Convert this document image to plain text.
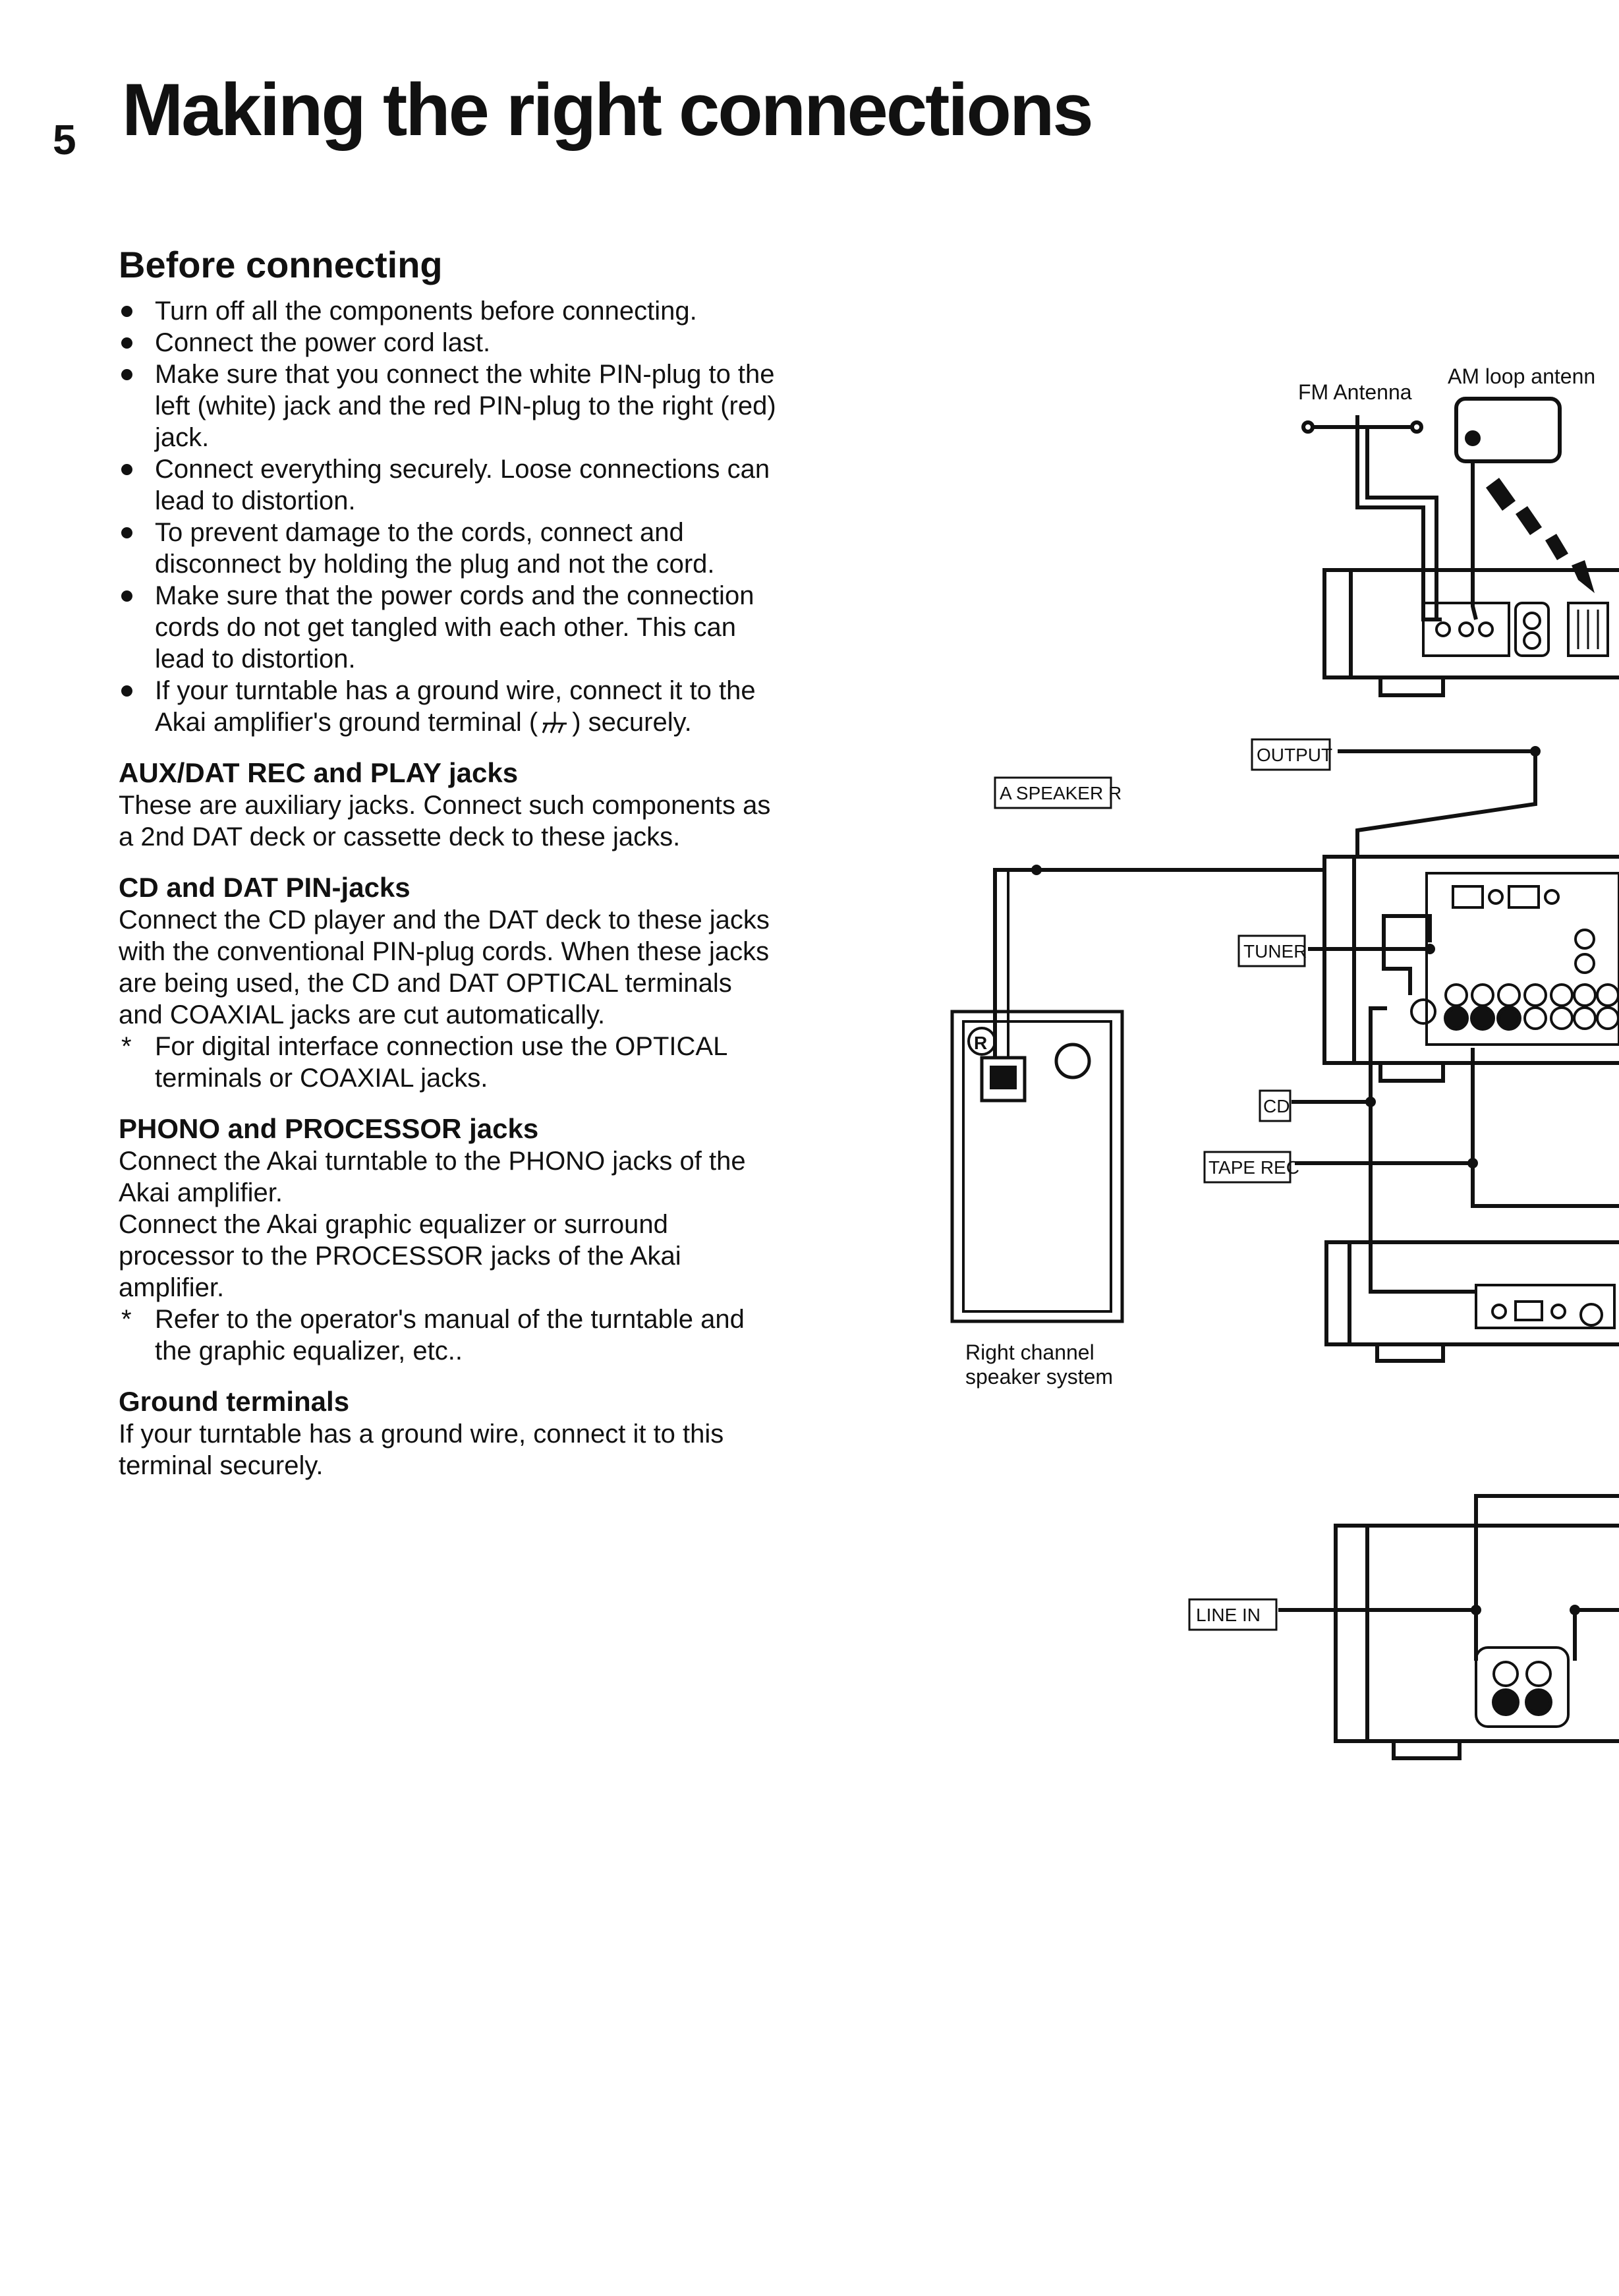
5 Making the right connections
Before connecting
Turn off all the components before connecting.
Connect the power cord last.
Make sure that you connect the white PIN-plug to the left (white) jack and the red PIN-plug to the right (red) jack.
Connect everything securely. Loose connections can lead to distortion.
To prevent damage to the cords, connect and disconnect by holding the plug and not the cord.
Make sure that the power cords and the connection cords do not get tangled with each other. This can lead to distortion.
If your turntable has a ground wire, connect it to the Akai amplifier's ground terminal ( ) securely.
AUX/DAT REC and PLAY jacks

These are auxiliary jacks. Connect such components as a 2nd DAT deck or cassette deck to these jacks.

CD and DAT PIN-jacks

Connect the CD player and the DAT deck to these jacks with the conventional PIN-plug cords. When these jacks are being used, the CD and DAT OPTICAL terminals and COAXIAL jacks are cut automatically.

* For digital interface connection use the OPTICAL terminals or COAXIAL jacks.
PHONO and PROCESSOR jacks

Connect the Akai turntable to the PHONO jacks of the Akai amplifier.

Connect the Akai graphic equalizer or surround processor to the PROCESSOR jacks of the Akai amplifier.

* Refer to the operator's manual of the turntable and the graphic equalizer, etc..
Ground terminals

If your turntable has a ground wire, connect it to this terminal securely.

FM Antenna
AM loop antenn
OUTPUT
A SPEAKER R
TUNER
CD
TAPE REC
LINE IN
R
Right channel
speaker system
